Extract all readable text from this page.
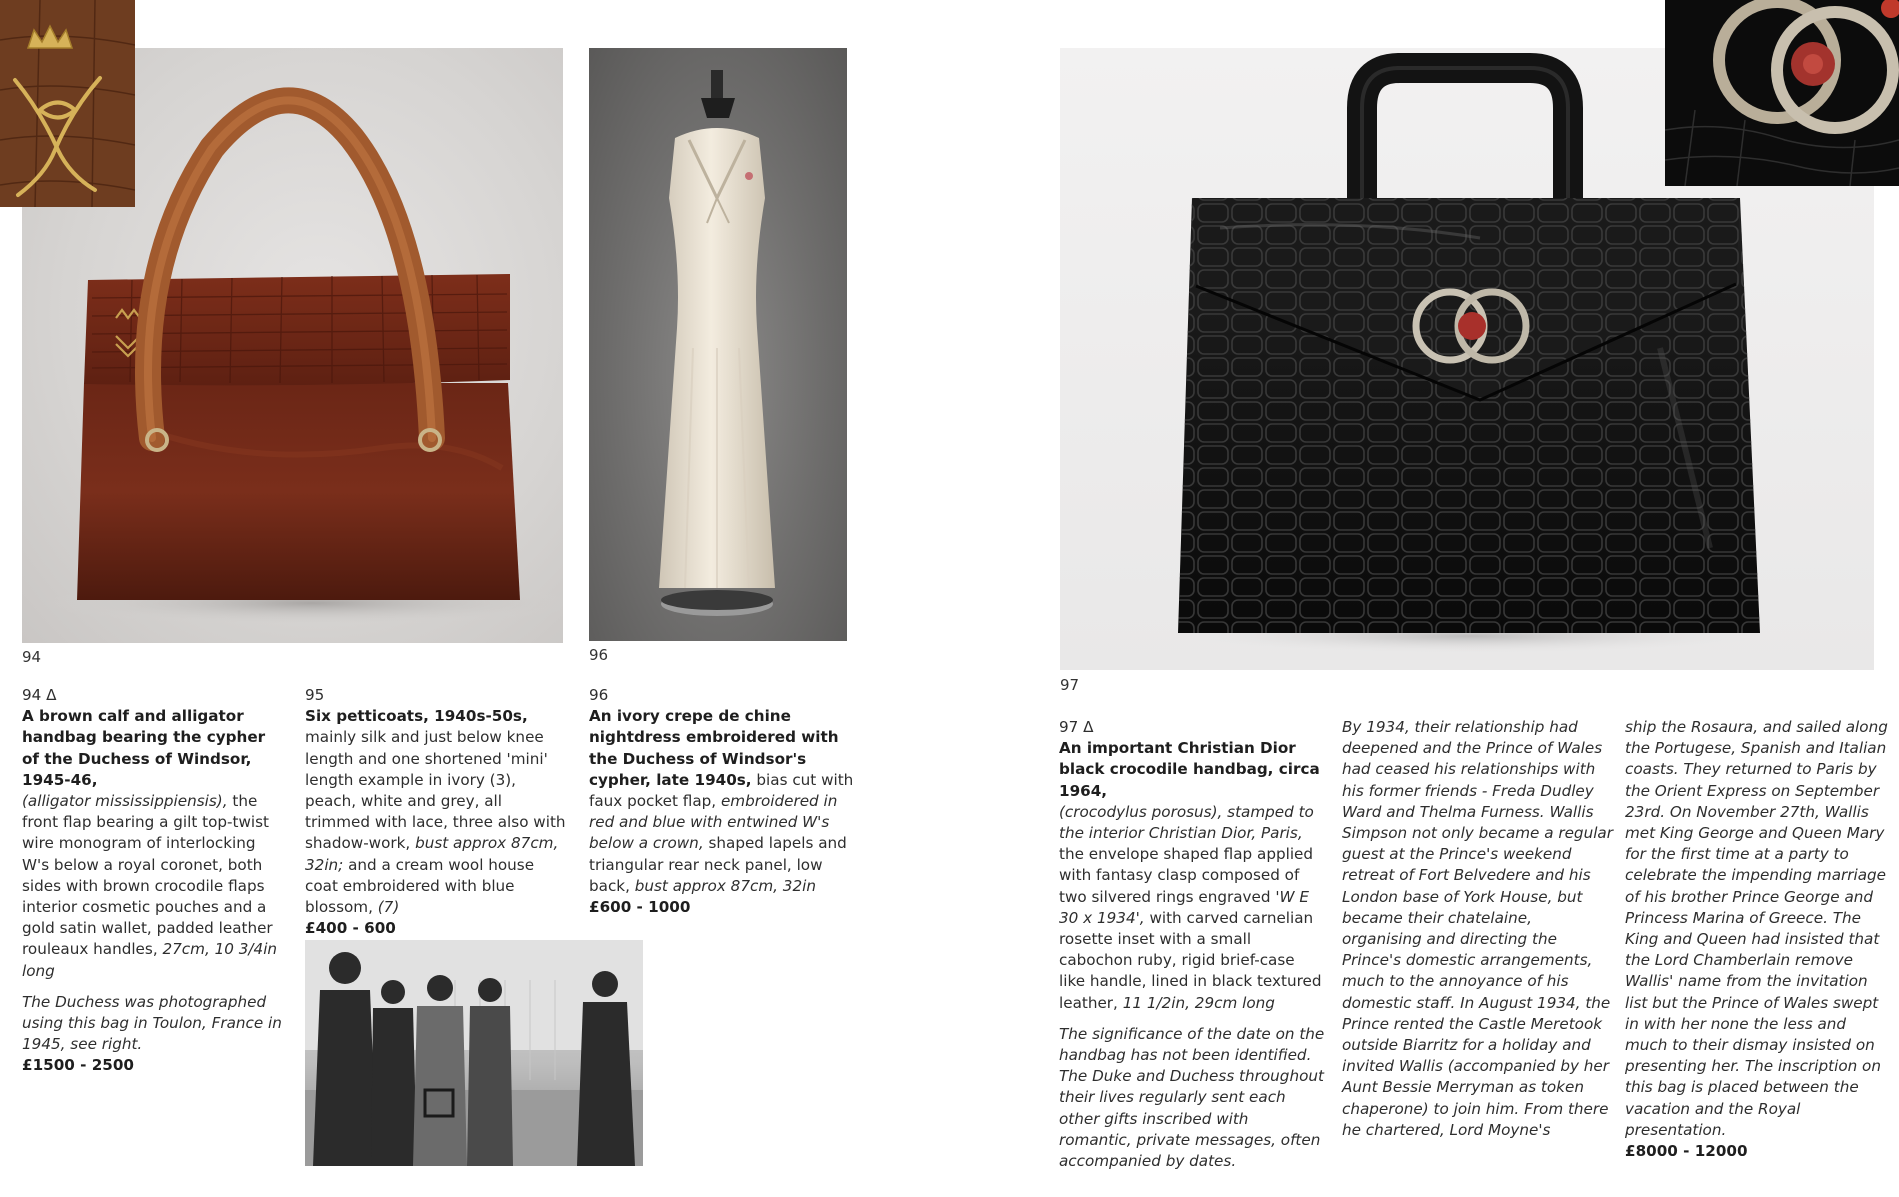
94	96
94 Δ
A brown calf and alligator handbag bearing the cypher of the Duchess of Windsor, 1945-46,
(alligator mississippiensis), the front flap bearing a gilt top-twist wire monogram of interlocking W's below a royal coronet, both sides with brown crocodile flaps interior cosmetic pouches and a gold satin wallet, padded leather rouleaux handles, 27cm, 10 3/4in long
The Duchess was photographed using this bag in Toulon, France in 1945, see right.
£1500 - 2500
95
Six petticoats, 1940s-50s, mainly silk and just below knee length and one shortened 'mini' length example in ivory (3), peach, white and grey, all trimmed with lace, three also with shadow-work, bust approx 87cm, 32in; and a cream wool house coat embroidered with blue blossom, (7)
£400 - 600
96
An ivory crepe de chine nightdress embroidered with the Duchess of Windsor's cypher, late 1940s, bias cut with faux pocket flap, embroidered in red and blue with entwined W's below a crown, shaped lapels and triangular rear neck panel, low back, bust approx 87cm, 32in
£600 - 1000
97
97 Δ
An important Christian Dior black crocodile handbag, circa 1964,
(crocodylus porosus), stamped to the interior Christian Dior, Paris, the envelope shaped flap applied with fantasy clasp composed of two silvered rings engraved 'W E 30 x 1934', with carved carnelian rosette inset with a small cabochon ruby, rigid brief-case like handle, lined in black textured leather, 11 1/2in, 29cm long
The significance of the date on the handbag has not been identified. The Duke and Duchess throughout their lives regularly sent each other gifts inscribed with romantic, private messages, often accompanied by dates.
By 1934, their relationship had deepened and the Prince of Wales had ceased his relationships with his former friends - Freda Dudley Ward and Thelma Furness. Wallis Simpson not only became a regular guest at the Prince's weekend retreat of Fort Belvedere and his London base of York House, but became their chatelaine, organising and directing the Prince's domestic arrangements, much to the annoyance of his domestic staff. In August 1934, the Prince rented the Castle Meretook outside Biarritz for a holiday and invited Wallis (accompanied by her Aunt Bessie Merryman as token chaperone) to join him. From there he chartered, Lord Moyne's
ship the Rosaura, and sailed along the Portugese, Spanish and Italian coasts. They returned to Paris by the Orient Express on September 23rd. On November 27th, Wallis met King George and Queen Mary for the first time at a party to celebrate the impending marriage of his brother Prince George and Princess Marina of Greece. The King and Queen had insisted that the Lord Chamberlain remove Wallis' name from the invitation list but the Prince of Wales swept in with her none the less and much to their dismay insisted on presenting her. The inscription on this bag is placed between the vacation and the Royal presentation.
£8000 - 12000
